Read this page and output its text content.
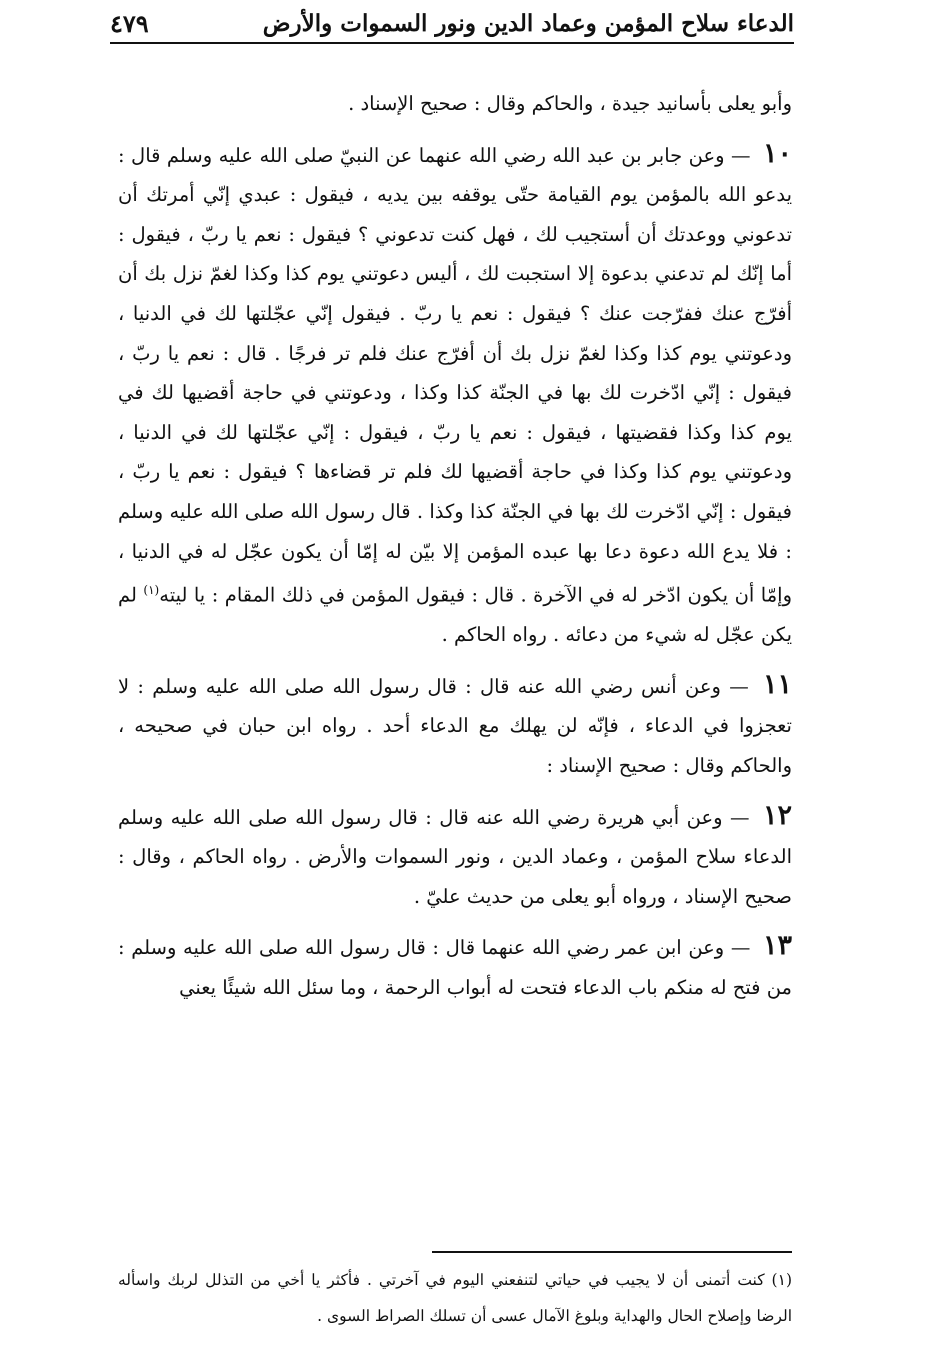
الدعاء سلاح المؤمن وعماد الدين ونور السموات والأرض
٤٧٩

وأبو يعلى بأسانيد جيدة ، والحاكم وقال : صحيح الإسناد .

١٠ — وعن جابر بن عبد الله رضي الله عنهما عن النبيّ صلى الله عليه وسلم قال : يدعو الله بالمؤمن يوم القيامة حتّى يوقفه بين يديه ، فيقول : عبدي إنّي أمرتك أن تدعوني ووعدتك أن أستجيب لك ، فهل كنت تدعوني ؟ فيقول : نعم يا ربّ ، فيقول : أما إنّك لم تدعني بدعوة إلا استجبت لك ، أليس دعوتني يوم كذا وكذا لغمّ نزل بك أن أفرّج عنك ففرّجت عنك ؟ فيقول : نعم يا ربّ . فيقول إنّي عجّلتها لك في الدنيا ، ودعوتني يوم كذا وكذا لغمّ نزل بك أن أفرّج عنك فلم تر فرجًا . قال : نعم يا ربّ ، فيقول : إنّي ادّخرت لك بها في الجنّة كذا وكذا ، ودعوتني في حاجة أقضيها لك في يوم كذا وكذا فقضيتها ، فيقول : نعم يا ربّ ، فيقول : إنّي عجّلتها لك في الدنيا ، ودعوتني يوم كذا وكذا في حاجة أقضيها لك فلم تر قضاءها ؟ فيقول : نعم يا ربّ ، فيقول : إنّي ادّخرت لك بها في الجنّة كذا وكذا . قال رسول الله صلى الله عليه وسلم : فلا يدع الله دعوة دعا بها عبده المؤمن إلا بيّن له إمّا أن يكون عجّل له في الدنيا ، وإمّا أن يكون ادّخر له في الآخرة . قال : فيقول المؤمن في ذلك المقام : يا ليته$^{(١)}$ لم يكن عجّل له شيء من دعائه . رواه الحاكم .

١١ — وعن أنس رضي الله عنه قال : قال رسول الله صلى الله عليه وسلم : لا تعجزوا في الدعاء ، فإنّه لن يهلك مع الدعاء أحد . رواه ابن حبان في صحيحه ، والحاكم وقال : صحيح الإسناد :

١٢ — وعن أبي هريرة رضي الله عنه قال : قال رسول الله صلى الله عليه وسلم الدعاء سلاح المؤمن ، وعماد الدين ، ونور السموات والأرض . رواه الحاكم ، وقال : صحيح الإسناد ، ورواه أبو يعلى من حديث عليّ .

١٣ — وعن ابن عمر رضي الله عنهما قال : قال رسول الله صلى الله عليه وسلم : من فتح له منكم باب الدعاء فتحت له أبواب الرحمة ، وما سئل الله شيئًا يعني

(١) كنت أتمنى أن لا يجيب في حياتي لتنفعني اليوم في آخرتي . فأكثر يا أخي من التذلل لربك واسأله الرضا وإصلاح الحال والهداية وبلوغ الآمال عسى أن تسلك الصراط السوى .
